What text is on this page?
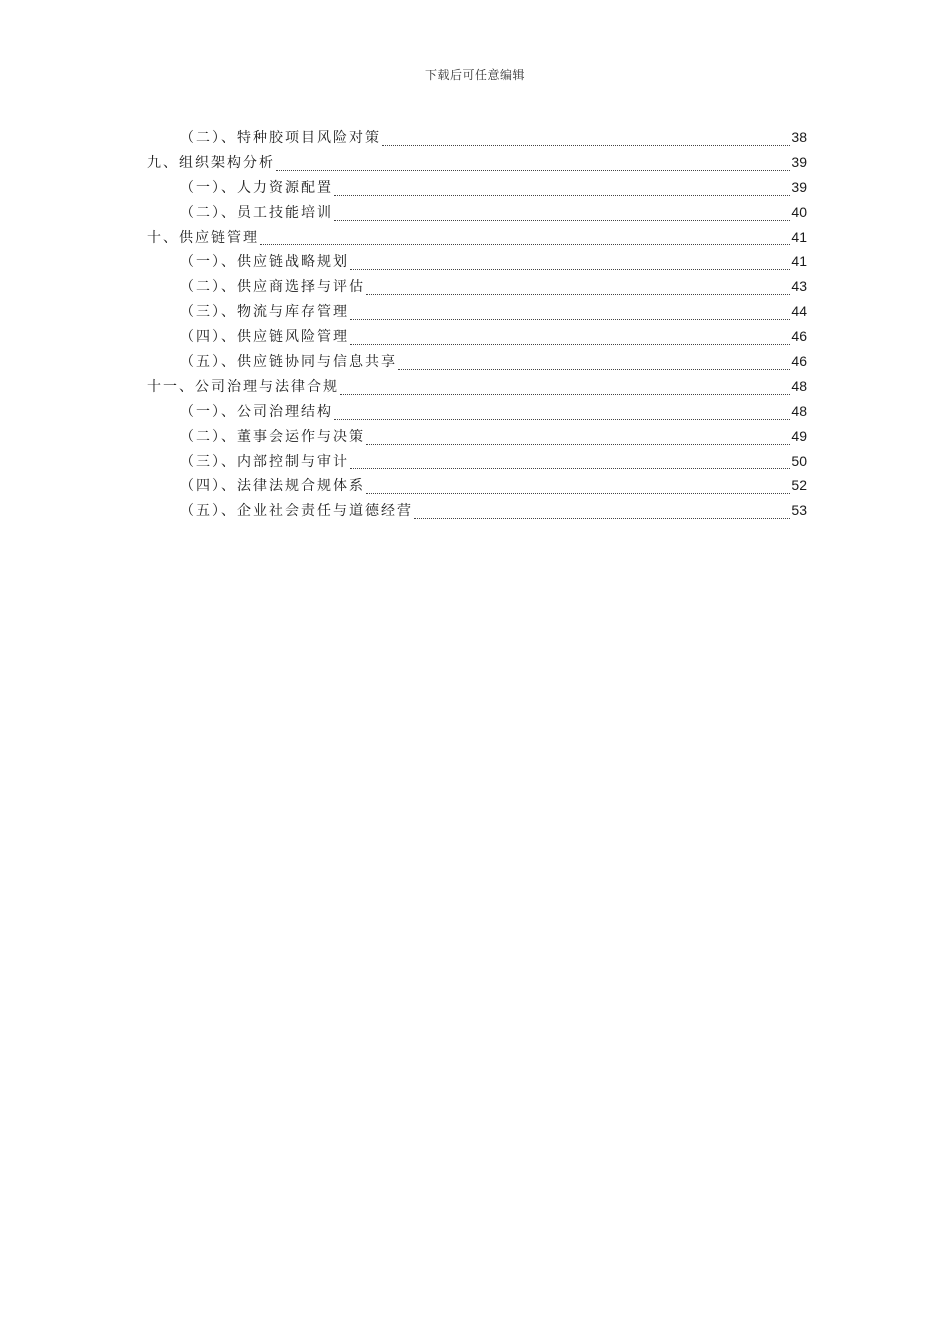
下载后可任意编辑
（二）、特种胶项目风险对策	38
九、组织架构分析	39
（一）、人力资源配置	39
（二）、员工技能培训	40
十、供应链管理	41
（一）、供应链战略规划	41
（二）、供应商选择与评估	43
（三）、物流与库存管理	44
（四）、供应链风险管理	46
（五）、供应链协同与信息共享	46
十一、公司治理与法律合规	48
（一）、公司治理结构	48
（二）、董事会运作与决策	49
（三）、内部控制与审计	50
（四）、法律法规合规体系	52
（五）、企业社会责任与道德经营	53
